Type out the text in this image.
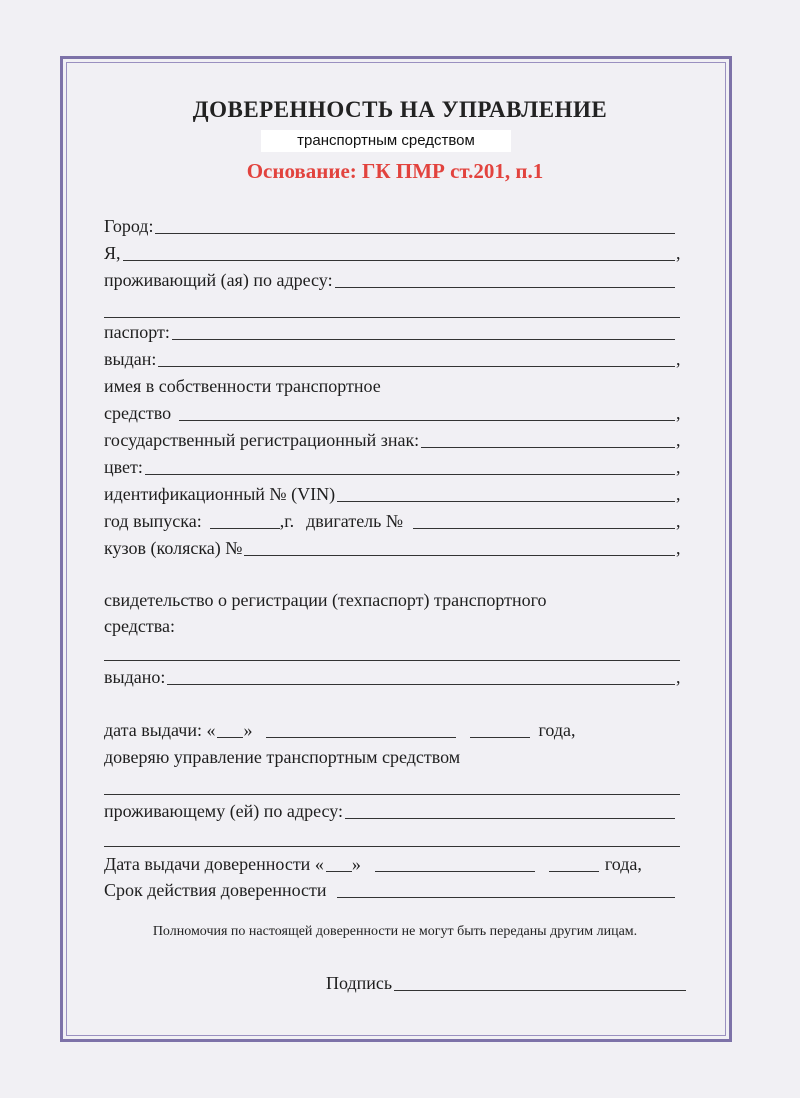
ДОВЕРЕННОСТЬ НА УПРАВЛЕНИЕ
транспортным средством
Основание: ГК ПМР ст.201, п.1
Город:
Я,	,
проживающий (ая) по адресу:
паспорт:
выдан:	,
имея в собственности транспортное
средство	,
государственный регистрационный знак:	,
цвет:	,
идентификационный № (VIN)	,
год выпуска:	,г. двигатель №	,
кузов (коляска) №	,
свидетельство о регистрации (техпаспорт) транспортного
средства:
выдано:	,
дата выдачи: « »	года,
доверяю управление транспортным средством
проживающему (ей) по адресу:
Дата выдачи доверенности « »	года,
Срок действия доверенности
Полномочия по настоящей доверенности не могут быть переданы другим лицам.
Подпись
